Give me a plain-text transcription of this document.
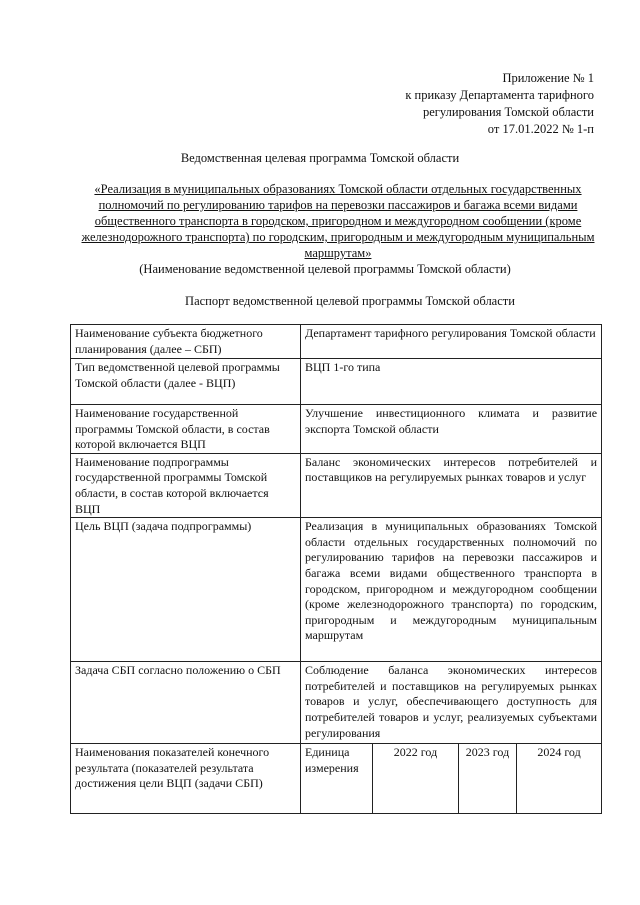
Приложение № 1
к приказу Департамента тарифного
регулирования Томской области
от 17.01.2022 № 1-п
Ведомственная целевая программа Томской области
«Реализация в муниципальных образованиях Томской области отдельных государственных полномочий по регулированию тарифов на перевозки пассажиров и багажа всеми видами общественного транспорта в городском, пригородном и междугородном сообщении (кроме железнодорожного транспорта) по городским, пригородным и междугородным муниципальным маршрутам»
(Наименование ведомственной целевой программы Томской области)
Паспорт ведомственной целевой программы Томской области
Наименование субъекта бюджетного планирования (далее – СБП)	Департамент тарифного регулирования Томской области			
Тип ведомственной целевой программы Томской области (далее - ВЦП)	ВЦП 1-го типа			
Наименование государственной программы Томской области, в состав которой включается ВЦП	Улучшение инвестиционного климата и развитие экспорта Томской области			
Наименование подпрограммы государственной программы Томской области, в состав которой включается ВЦП	Баланс экономических интересов потребителей и поставщиков на регулируемых рынках товаров и услуг			
Цель ВЦП (задача подпрограммы)	Реализация в муниципальных образованиях Томской области отдельных государственных полномочий по регулированию тарифов на перевозки пассажиров и багажа всеми видами общественного транспорта в городском, пригородном и междугородном сообщении (кроме железнодорожного транспорта) по городским, пригородным и междугородным муниципальным маршрутам			
Задача СБП согласно положению о СБП	Соблюдение баланса экономических интересов потребителей и поставщиков на регулируемых рынках товаров и услуг, обеспечивающего доступность для потребителей товаров и услуг, реализуемых субъектами регулирования			
Наименования показателей конечного результата (показателей результата достижения цели ВЦП (задачи СБП)	Единица измерения	2022 год	2023 год	2024 год
